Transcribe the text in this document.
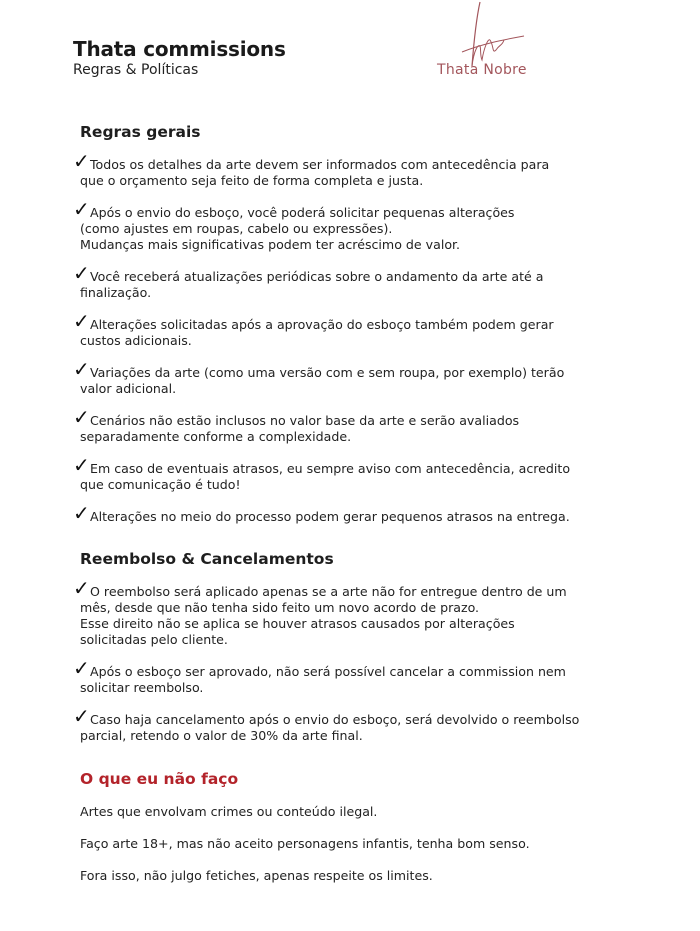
Thata commissions
Regras & Políticas	Thata Nobre
Regras gerais
✓ Todos os detalhes da arte devem ser informados com antecedência para
que o orçamento seja feito de forma completa e justa.
✓ Após o envio do esboço, você poderá solicitar pequenas alterações
(como ajustes em roupas, cabelo ou expressões).
Mudanças mais significativas podem ter acréscimo de valor.
✓ Você receberá atualizações periódicas sobre o andamento da arte até a
finalização.
✓ Alterações solicitadas após a aprovação do esboço também podem gerar
custos adicionais.
✓ Variações da arte (como uma versão com e sem roupa, por exemplo) terão
valor adicional.
✓ Cenários não estão inclusos no valor base da arte e serão avaliados
separadamente conforme a complexidade.
✓ Em caso de eventuais atrasos, eu sempre aviso com antecedência, acredito
que comunicação é tudo!
✓ Alterações no meio do processo podem gerar pequenos atrasos na entrega.
Reembolso & Cancelamentos
✓ O reembolso será aplicado apenas se a arte não for entregue dentro de um
mês, desde que não tenha sido feito um novo acordo de prazo.
Esse direito não se aplica se houver atrasos causados por alterações
solicitadas pelo cliente.
✓ Após o esboço ser aprovado, não será possível cancelar a commission nem
solicitar reembolso.
✓ Caso haja cancelamento após o envio do esboço, será devolvido o reembolso
parcial, retendo o valor de 30% da arte final.
O que eu não faço
Artes que envolvam crimes ou conteúdo ilegal.
Faço arte 18+, mas não aceito personagens infantis, tenha bom senso.
Fora isso, não julgo fetiches, apenas respeite os limites.
